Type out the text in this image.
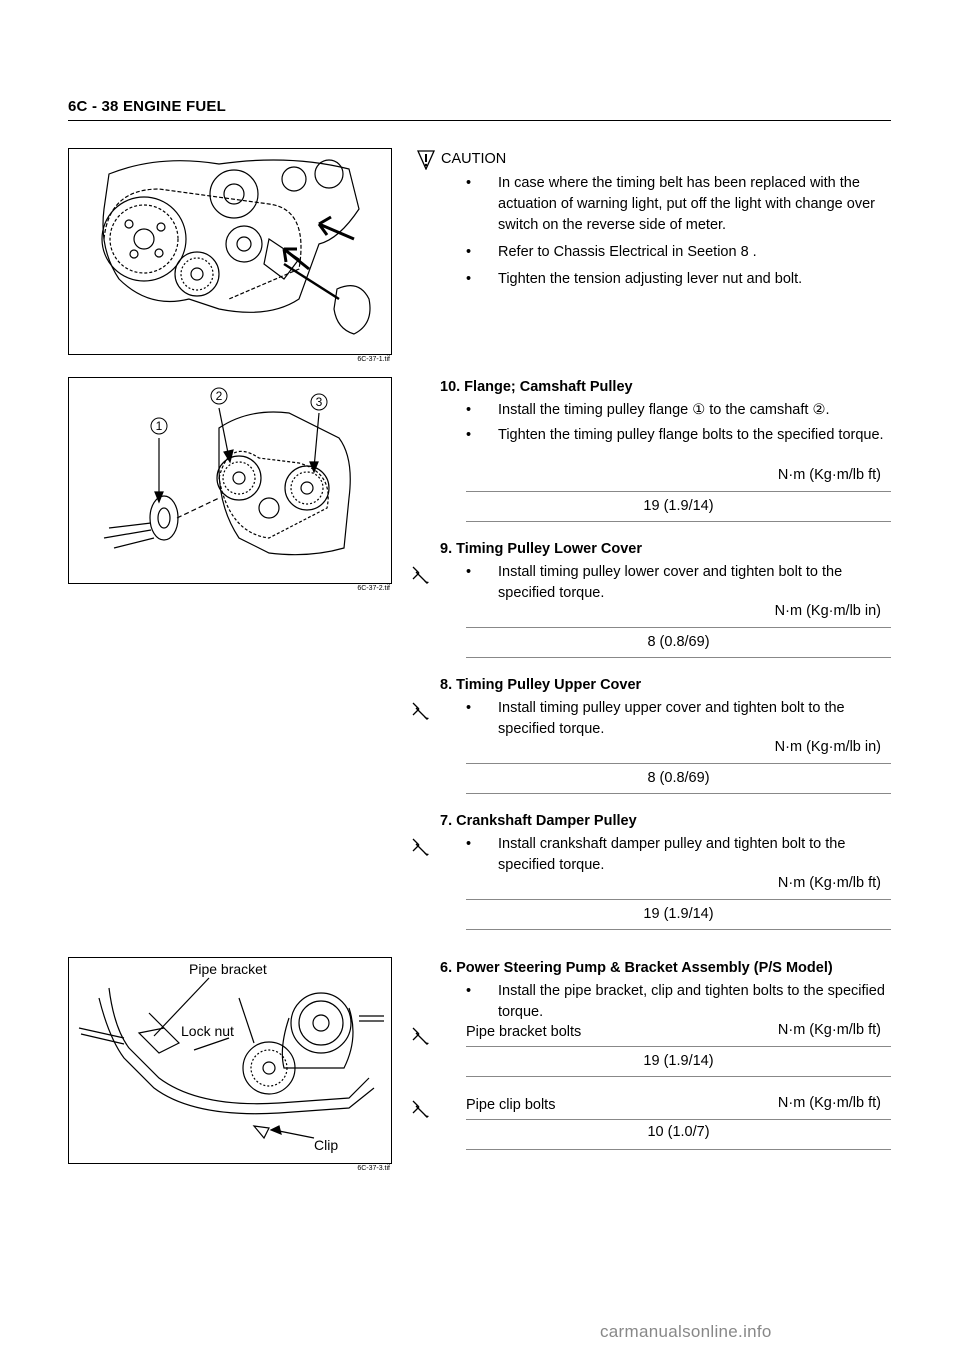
6C - 38 ENGINE FUEL
6C-37-1.tif
CAUTION
•	In case where the timing belt has been replaced with the actuation of warning light, put off the light with change over switch on the reverse side of meter.
•	Refer to Chassis Electrical in Seetion 8 .
•	Tighten the tension adjusting lever nut and bolt.
1
2	3
6C-37-2.tif
10. Flange; Camshaft Pulley
•	Install the timing pulley flange ① to the camshaft ②.
•	Tighten the timing pulley flange bolts to the specified torque.
N·m (Kg·m/lb ft)
19 (1.9/14)
9. Timing Pulley Lower Cover
•	Install timing pulley lower cover and tighten bolt to the specified torque.
N·m (Kg·m/lb in)
8 (0.8/69)
8. Timing Pulley Upper Cover
•	Install timing pulley upper cover and tighten bolt to the specified torque.
N·m (Kg·m/lb in)
8 (0.8/69)
7. Crankshaft Damper Pulley
•	Install crankshaft damper pulley and tighten bolt to the specified torque.
N·m (Kg·m/lb ft)
19 (1.9/14)
Pipe bracket
Lock nut
Clip
6C-37-3.tif
6. Power Steering Pump & Bracket Assembly (P/S Model)
•	Install the pipe bracket, clip and tighten bolts to the specified torque.
Pipe bracket bolts	N·m (Kg·m/lb ft)
19 (1.9/14)
Pipe clip bolts	N·m (Kg·m/lb ft)
10 (1.0/7)
carmanualsonline.info
